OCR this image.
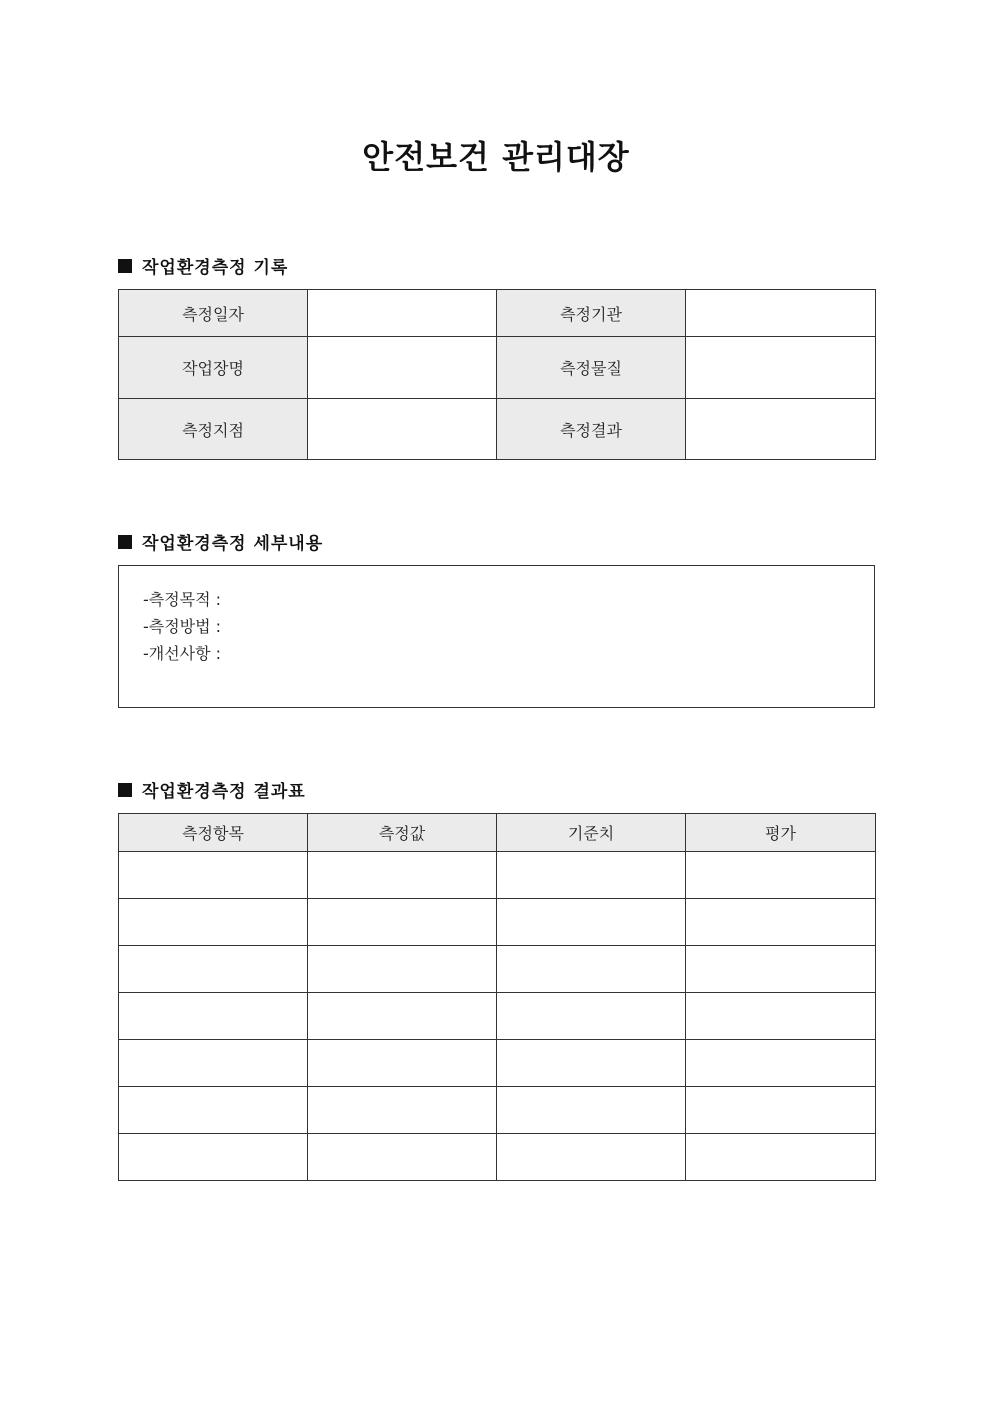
안전보건 관리대장
작업환경측정 기록
측정일자		측정기관	
작업장명		측정물질	
측정지점		측정결과	
작업환경측정 세부내용
-측정목적 :
-측정방법 :
-개선사항 :
작업환경측정 결과표
측정항목	측정값	기준치	평가
